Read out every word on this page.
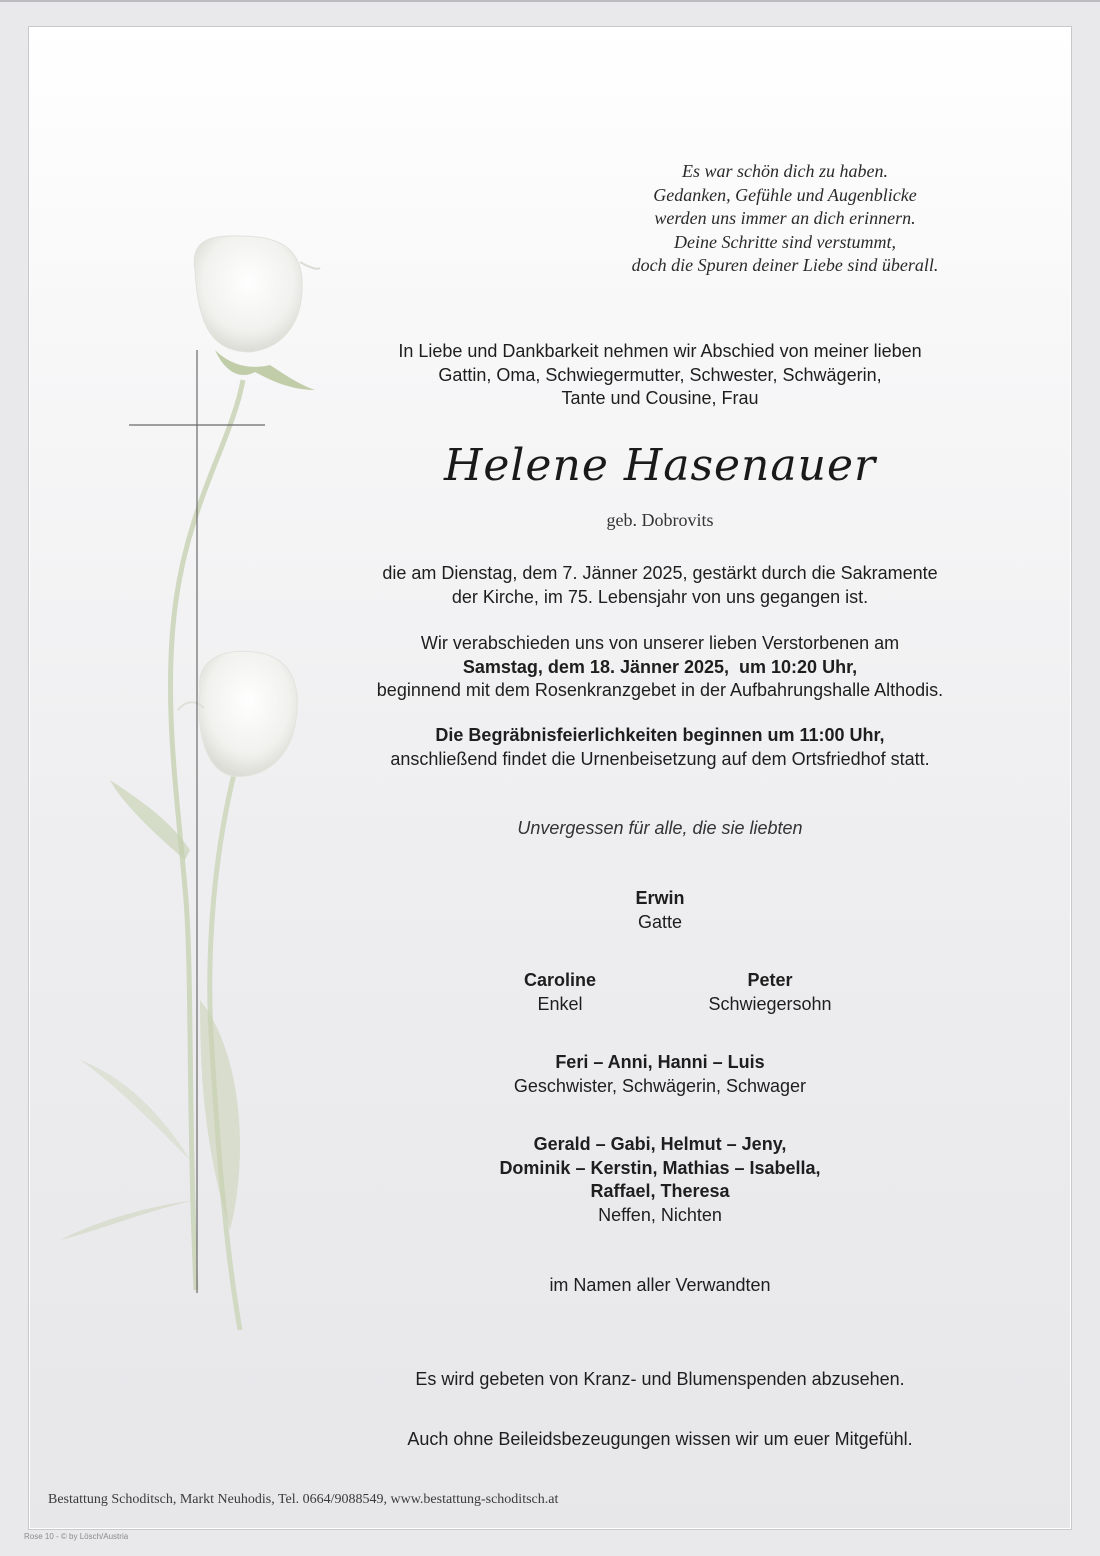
Es war schön dich zu haben.
Gedanken, Gefühle und Augenblicke
werden uns immer an dich erinnern.
Deine Schritte sind verstummt,
doch die Spuren deiner Liebe sind überall.
In Liebe und Dankbarkeit nehmen wir Abschied von meiner lieben
Gattin, Oma, Schwiegermutter, Schwester, Schwägerin,
Tante und Cousine, Frau
Helene Hasenauer
geb. Dobrovits
die am Dienstag, dem 7. Jänner 2025, gestärkt durch die Sakramente
der Kirche, im 75. Lebensjahr von uns gegangen ist.
Wir verabschieden uns von unserer lieben Verstorbenen am
Samstag, dem 18. Jänner 2025,  um 10:20 Uhr,
beginnend mit dem Rosenkranzgebet in der Aufbahrungshalle Althodis.
Die Begräbnisfeierlichkeiten beginnen um 11:00 Uhr,
anschließend findet die Urnenbeisetzung auf dem Ortsfriedhof statt.
Unvergessen für alle, die sie liebten
Erwin
Gatte
Caroline
Enkel
Peter
Schwiegersohn
Feri – Anni, Hanni – Luis
Geschwister, Schwägerin, Schwager
Gerald – Gabi, Helmut – Jeny,
Dominik – Kerstin, Mathias – Isabella,
Raffael, Theresa
Neffen, Nichten
im Namen aller Verwandten
Es wird gebeten von Kranz- und Blumenspenden abzusehen.
Auch ohne Beileidsbezeugungen wissen wir um euer Mitgefühl.
Bestattung Schoditsch, Markt Neuhodis, Tel. 0664/9088549, www.bestattung-schoditsch.at
Rose 10 - © by Lösch/Austria
